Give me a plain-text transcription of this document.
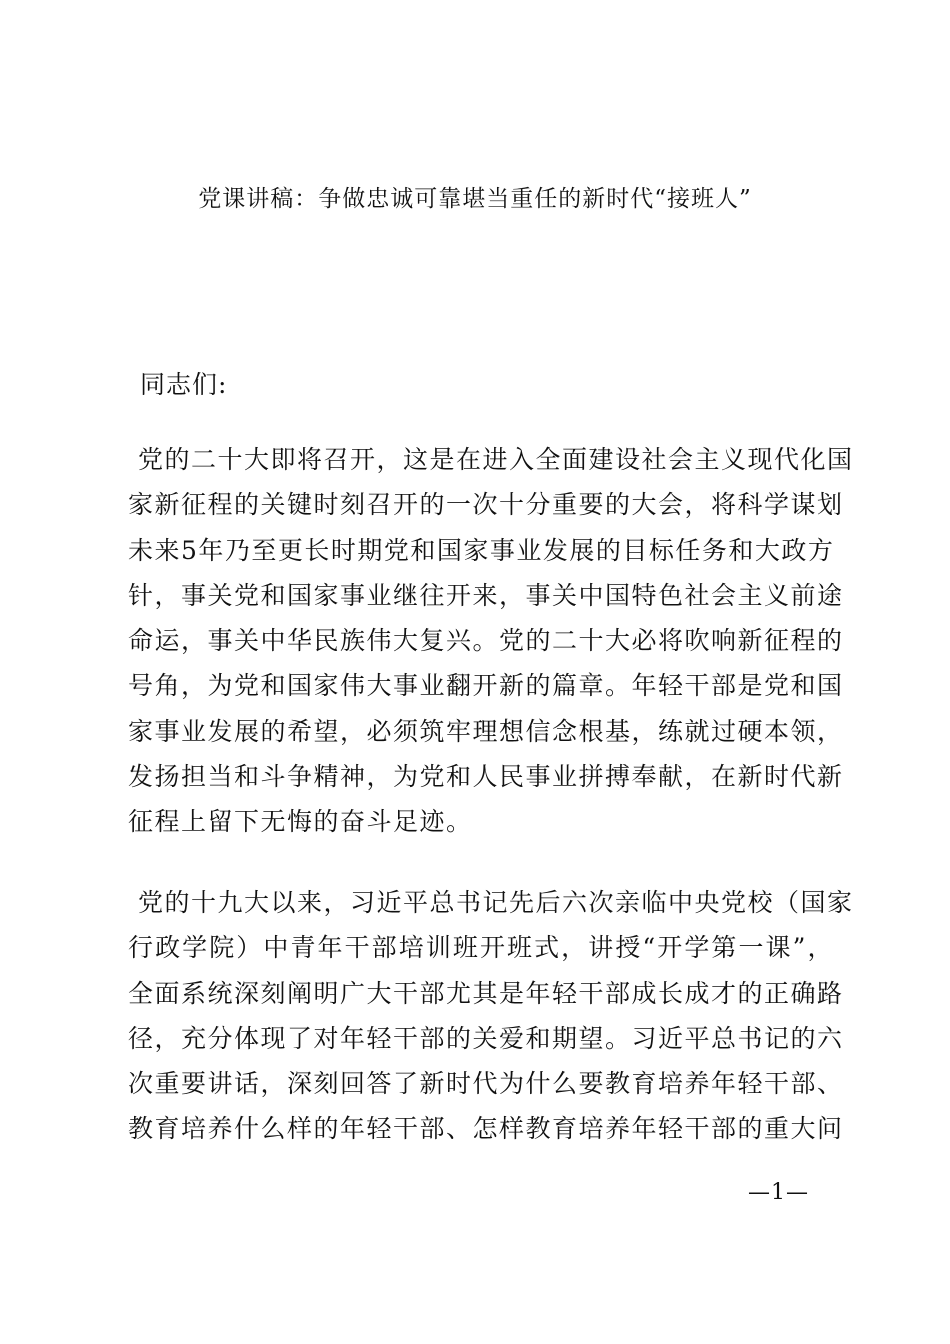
党课讲稿：争做忠诚可靠堪当重任的新时代“接班人”
同志们:
党的二十大即将召开，这是在进入全面建设社会主义现代化国
家新征程的关键时刻召开的一次十分重要的大会，将科学谋划
未来5年乃至更长时期党和国家事业发展的目标任务和大政方
针，事关党和国家事业继往开来，事关中国特色社会主义前途
命运，事关中华民族伟大复兴。党的二十大必将吹响新征程的
号角，为党和国家伟大事业翻开新的篇章。年轻干部是党和国
家事业发展的希望，必须筑牢理想信念根基，练就过硬本领，
发扬担当和斗争精神，为党和人民事业拼搏奉献，在新时代新
征程上留下无悔的奋斗足迹。
党的十九大以来，习近平总书记先后六次亲临中央党校（国家
行政学院）中青年干部培训班开班式，讲授“开学第一课”，
全面系统深刻阐明广大干部尤其是年轻干部成长成才的正确路
径，充分体现了对年轻干部的关爱和期望。习近平总书记的六
次重要讲话，深刻回答了新时代为什么要教育培养年轻干部、
教育培养什么样的年轻干部、怎样教育培养年轻干部的重大问
—1—
